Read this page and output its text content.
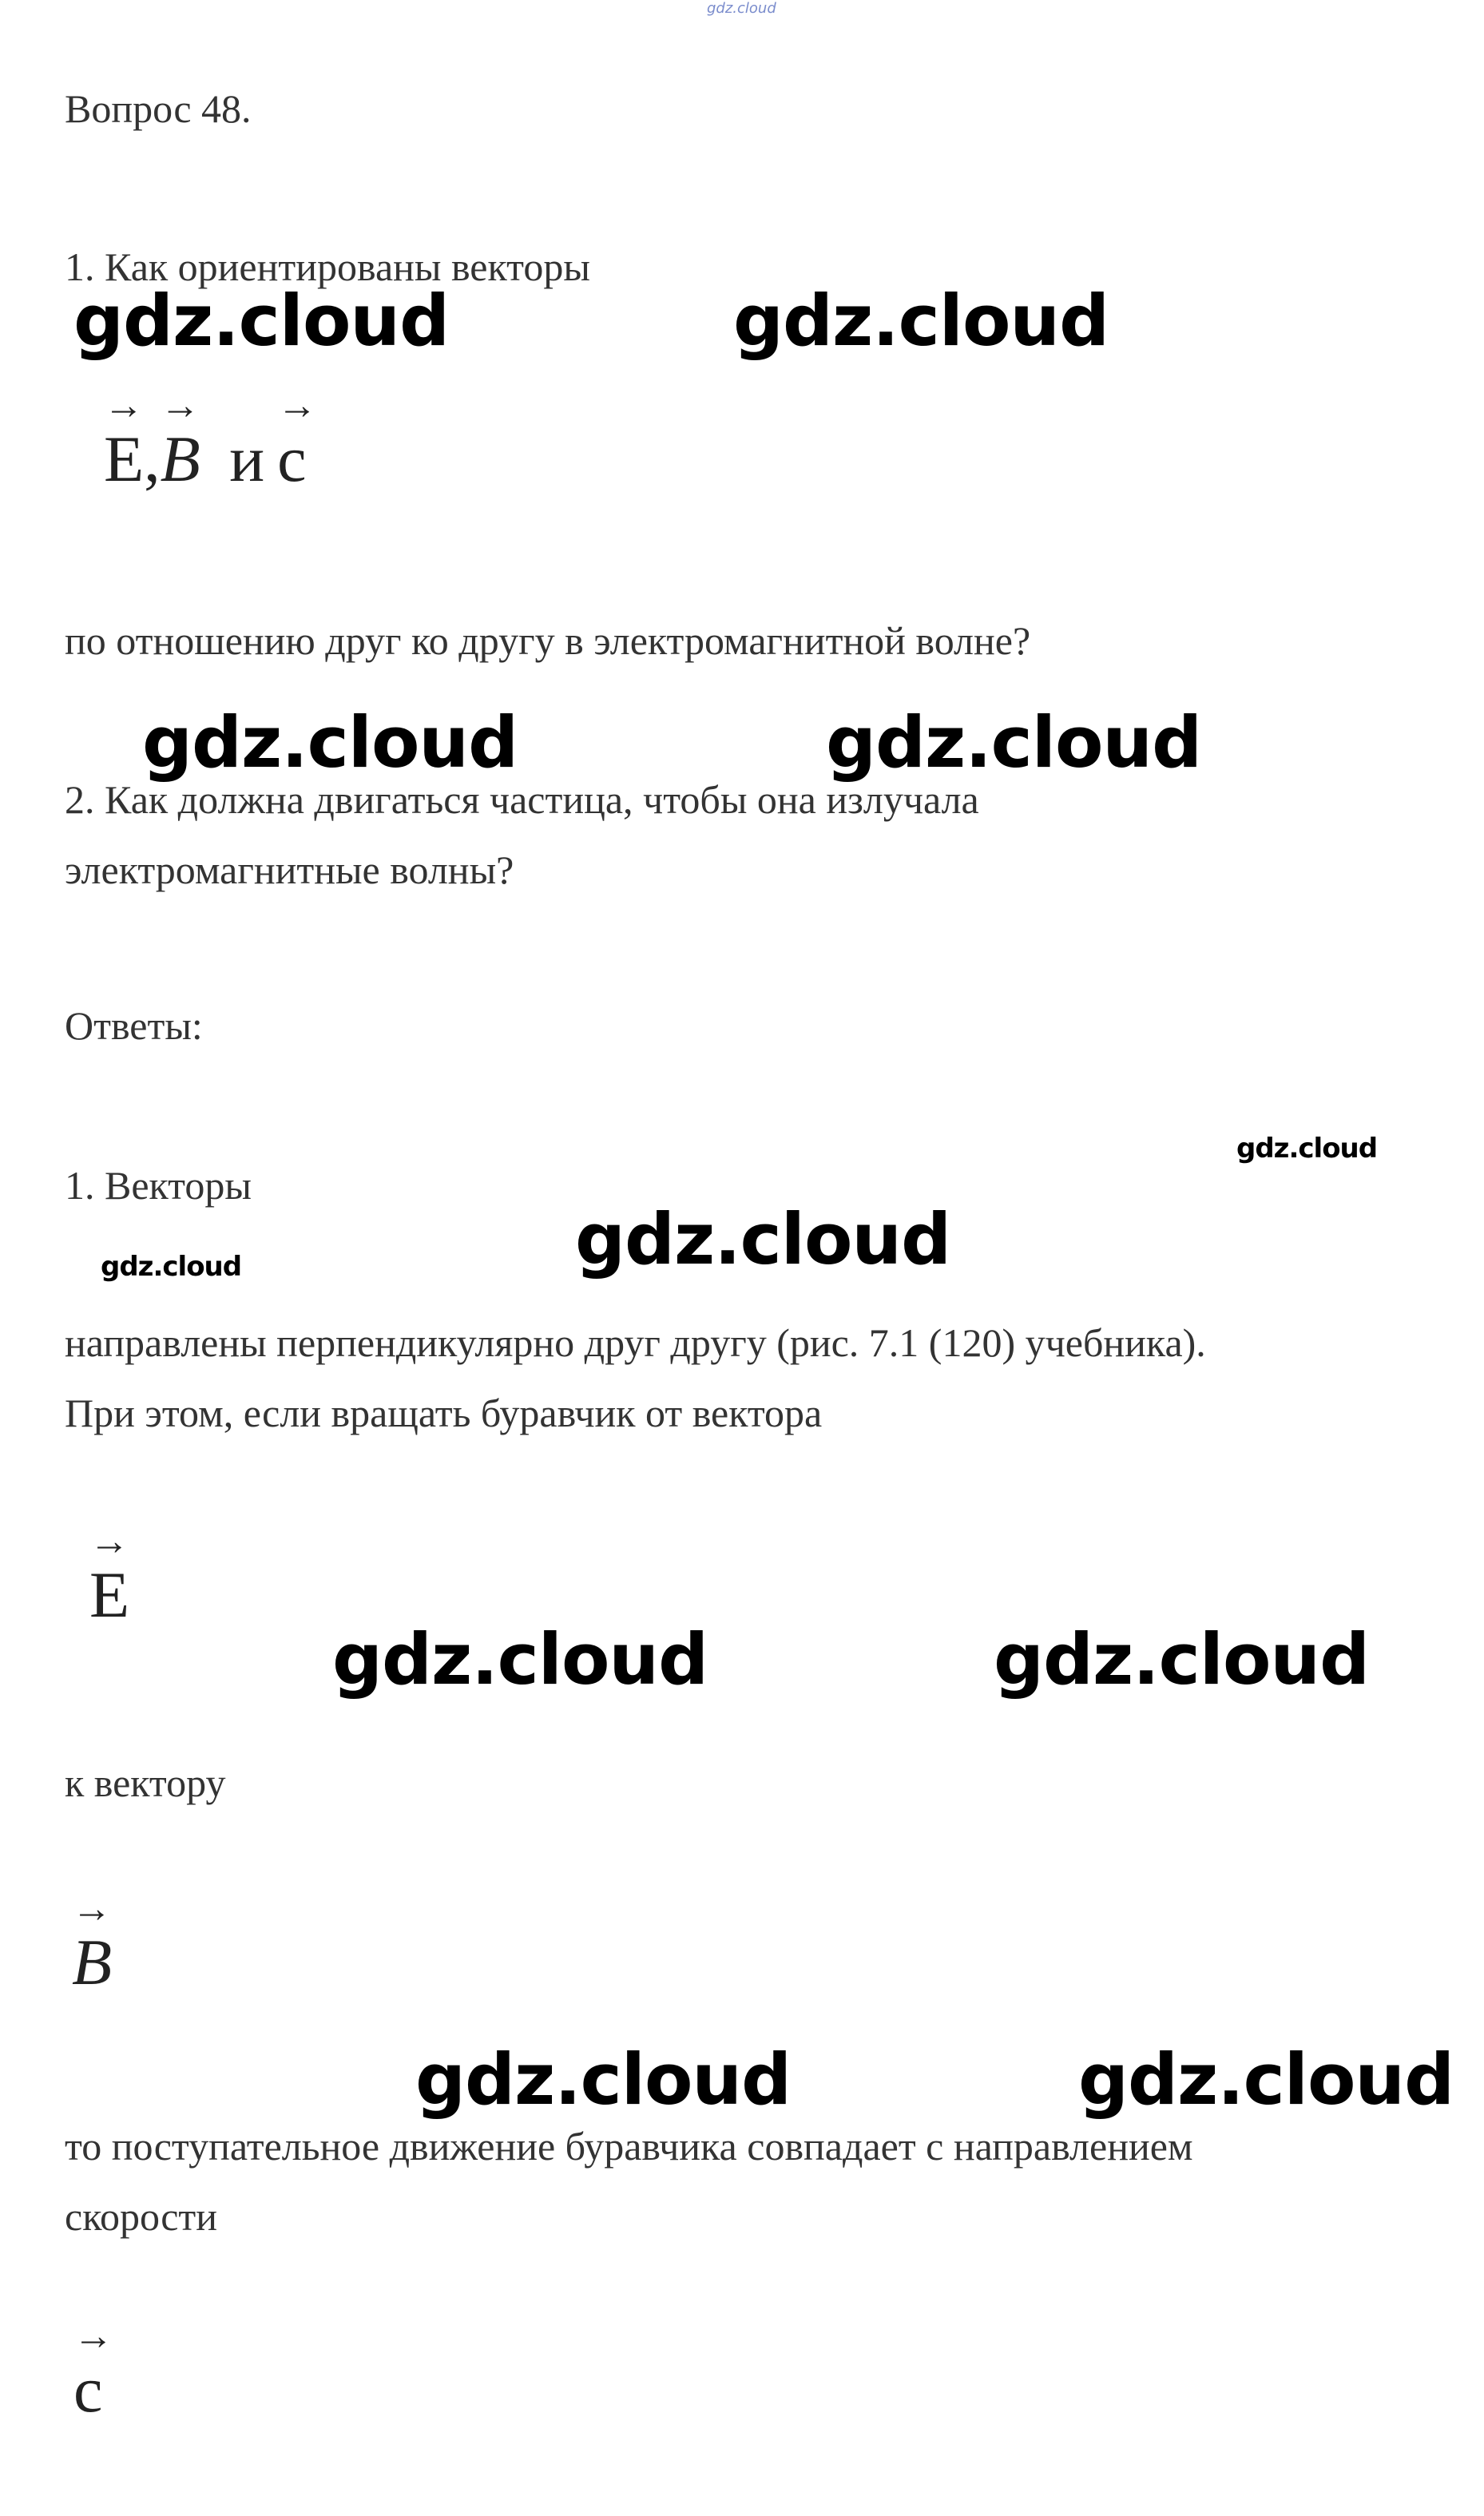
gdz.cloud
Вопрос 48.

1. Как ориентированы векторы

→
E,
→
B и
→
c

по отношению друг ко другу в электромагнитной волне?

2. Как должна двигаться частица, чтобы она излучала

электромагнитные волны?

Ответы:

1. Векторы

направлены перпендикулярно друг другу (рис. 7.1 (120) учебника).

При этом, если вращать буравчик от вектора

→
E

к вектору

→
B

то поступательное движение буравчика совпадает с направлением

скорости

→
c
gdz.cloud	gdz.cloud
gdz.cloud	gdz.cloud
gdz.cloud
gdz.cloud
gdz.cloud
gdz.cloud	gdz.cloud
gdz.cloud	gdz.cloud
